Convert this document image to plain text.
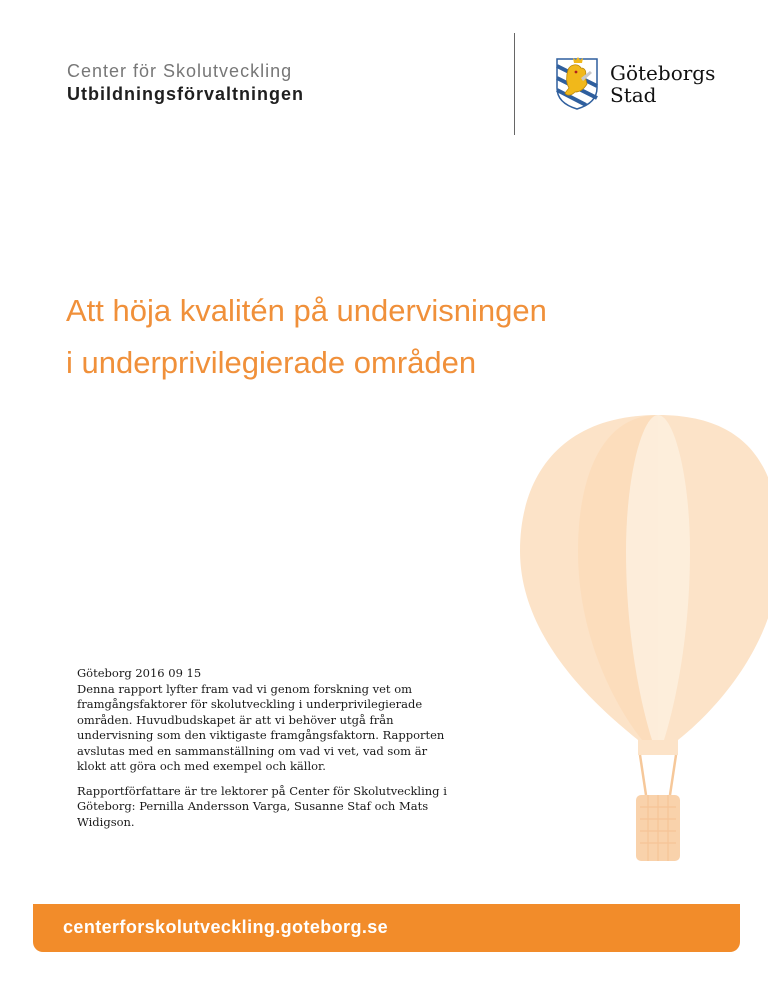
Center för Skolutveckling
Utbildningsförvaltningen
Göteborgs
Stad
Att höja kvalitén på undervisningen
i underprivilegierade områden

Göteborg 2016 09 15
Denna rapport lyfter fram vad vi genom forskning vet om
framgångsfaktorer för skolutveckling i underprivilegierade
områden. Huvudbudskapet är att vi behöver utgå från
undervisning som den viktigaste framgångsfaktorn. Rapporten
avslutas med en sammanställning om vad vi vet, vad som är
klokt att göra och med exempel och källor.

Rapportförfattare är tre lektorer på Center för Skolutveckling i
Göteborg: Pernilla Andersson Varga, Susanne Staf och Mats
Widigson.

centerforskolutveckling.goteborg.se
